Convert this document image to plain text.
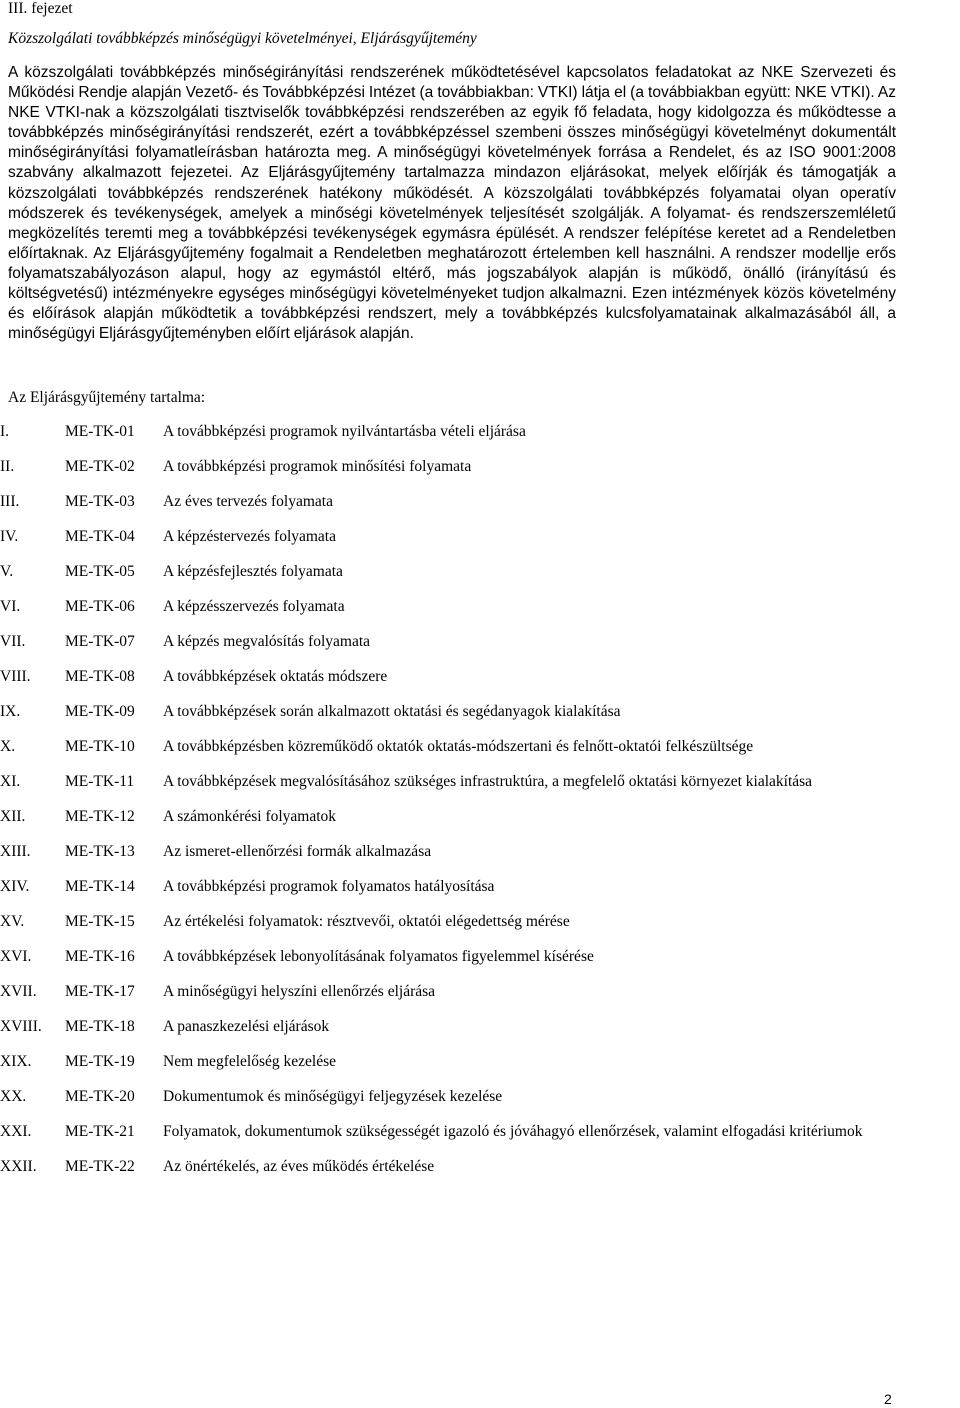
III. fejezet
Közszolgálati továbbképzés minőségügyi követelményei, Eljárásgyűjtemény
A közszolgálati továbbképzés minőségirányítási rendszerének működtetésével kapcsolatos feladatokat az NKE Szervezeti és Működési Rendje alapján Vezető- és Továbbképzési Intézet (a továbbiakban: VTKI) látja el (a továbbiakban együtt: NKE VTKI). Az NKE VTKI-nak a közszolgálati tisztviselők továbbképzési rendszerében az egyik fő feladata, hogy kidolgozza és működtesse a továbbképzés minőségirányítási rendszerét, ezért a továbbképzéssel szembeni összes minőségügyi követelményt dokumentált minőségirányítási folyamatleírásban határozta meg. A minőségügyi követelmények forrása a Rendelet, és az ISO 9001:2008 szabvány alkalmazott fejezetei. Az Eljárásgyűjtemény tartalmazza mindazon eljárásokat, melyek előírják és támogatják a közszolgálati továbbképzés rendszerének hatékony működését. A közszolgálati továbbképzés folyamatai olyan operatív módszerek és tevékenységek, amelyek a minőségi követelmények teljesítését szolgálják. A folyamat- és rendszerszemléletű megközelítés teremti meg a továbbképzési tevékenységek egymásra épülését. A rendszer felépítése keretet ad a Rendeletben előírtaknak. Az Eljárásgyűjtemény fogalmait a Rendeletben meghatározott értelemben kell használni. A rendszer modellje erős folyamatszabályozáson alapul, hogy az egymástól eltérő, más jogszabályok alapján is működő, önálló (irányítású és költségvetésű) intézményekre egységes minőségügyi követelményeket tudjon alkalmazni. Ezen intézmények közös követelmény és előírások alapján működtetik a továbbképzési rendszert, mely a továbbképzés kulcsfolyamatainak alkalmazásából áll, a minőségügyi Eljárásgyűjteményben előírt eljárások alapján.
Az Eljárásgyűjtemény tartalma:
I.	ME-TK-01 A továbbképzési programok nyilvántartásba vételi eljárása
II.	ME-TK-02 A továbbképzési programok minősítési folyamata
III.	ME-TK-03 Az éves tervezés folyamata
IV.	ME-TK-04 A képzéstervezés folyamata
V.	ME-TK-05 A képzésfejlesztés folyamata
VI.	ME-TK-06 A képzésszervezés folyamata
VII.	ME-TK-07 A képzés megvalósítás folyamata
VIII. ME-TK-08 A továbbképzések oktatás módszere
IX.	ME-TK-09 A továbbképzések során alkalmazott oktatási és segédanyagok kialakítása
X.	ME-TK-10 A továbbképzésben közreműködő oktatók oktatás-módszertani és felnőtt-oktatói felkészültsége
XI.	ME-TK-11 A továbbképzések megvalósításához szükséges infrastruktúra, a megfelelő oktatási környezet kialakítása
XII.	ME-TK-12 A számonkérési folyamatok
XIII. ME-TK-13 Az ismeret-ellenőrzési formák alkalmazása
XIV. ME-TK-14 A továbbképzési programok folyamatos hatályosítása
XV.	ME-TK-15 Az értékelési folyamatok: résztvevői, oktatói elégedettség mérése
XVI. ME-TK-16 A továbbképzések lebonyolításának folyamatos figyelemmel kísérése
XVII. ME-TK-17 A minőségügyi helyszíni ellenőrzés eljárása
XVIII. ME-TK-18 A panaszkezelési eljárások
XIX. ME-TK-19 Nem megfelelőség kezelése
XX. ME-TK-20 Dokumentumok és minőségügyi feljegyzések kezelése
XXI. ME-TK-21 Folyamatok, dokumentumok szükségességét igazoló és jóváhagyó ellenőrzések, valamint elfogadási kritériumok
XXII. ME-TK-22 Az önértékelés, az éves működés értékelése
2
